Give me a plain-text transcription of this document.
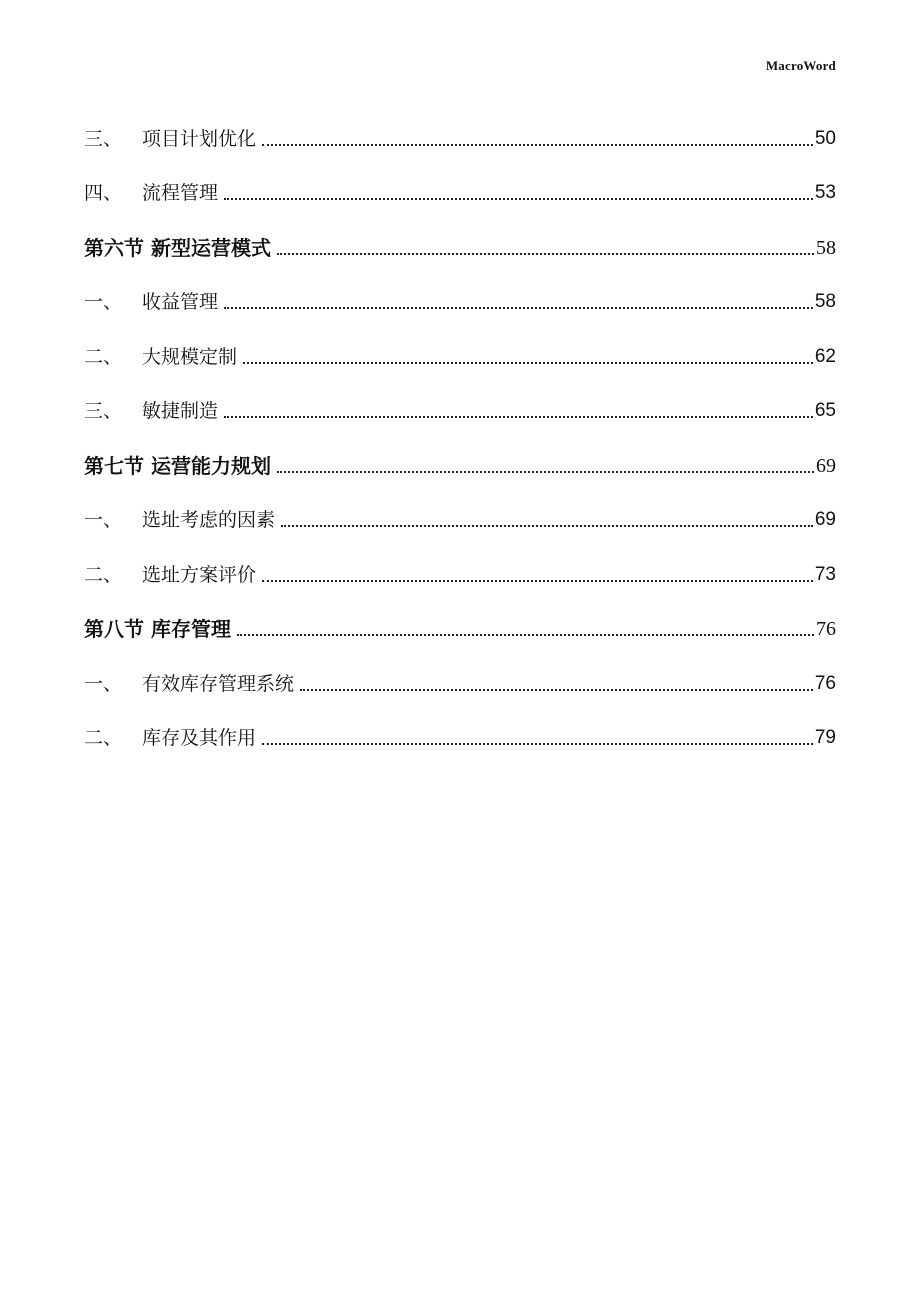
MacroWord
三、	项目计划优化	50
四、	流程管理	53
第六节 新型运营模式	58
一、	收益管理	58
二、	大规模定制	62
三、	敏捷制造	65
第七节 运营能力规划	69
一、	选址考虑的因素	69
二、	选址方案评价	73
第八节 库存管理	76
一、	有效库存管理系统	76
二、	库存及其作用	79
